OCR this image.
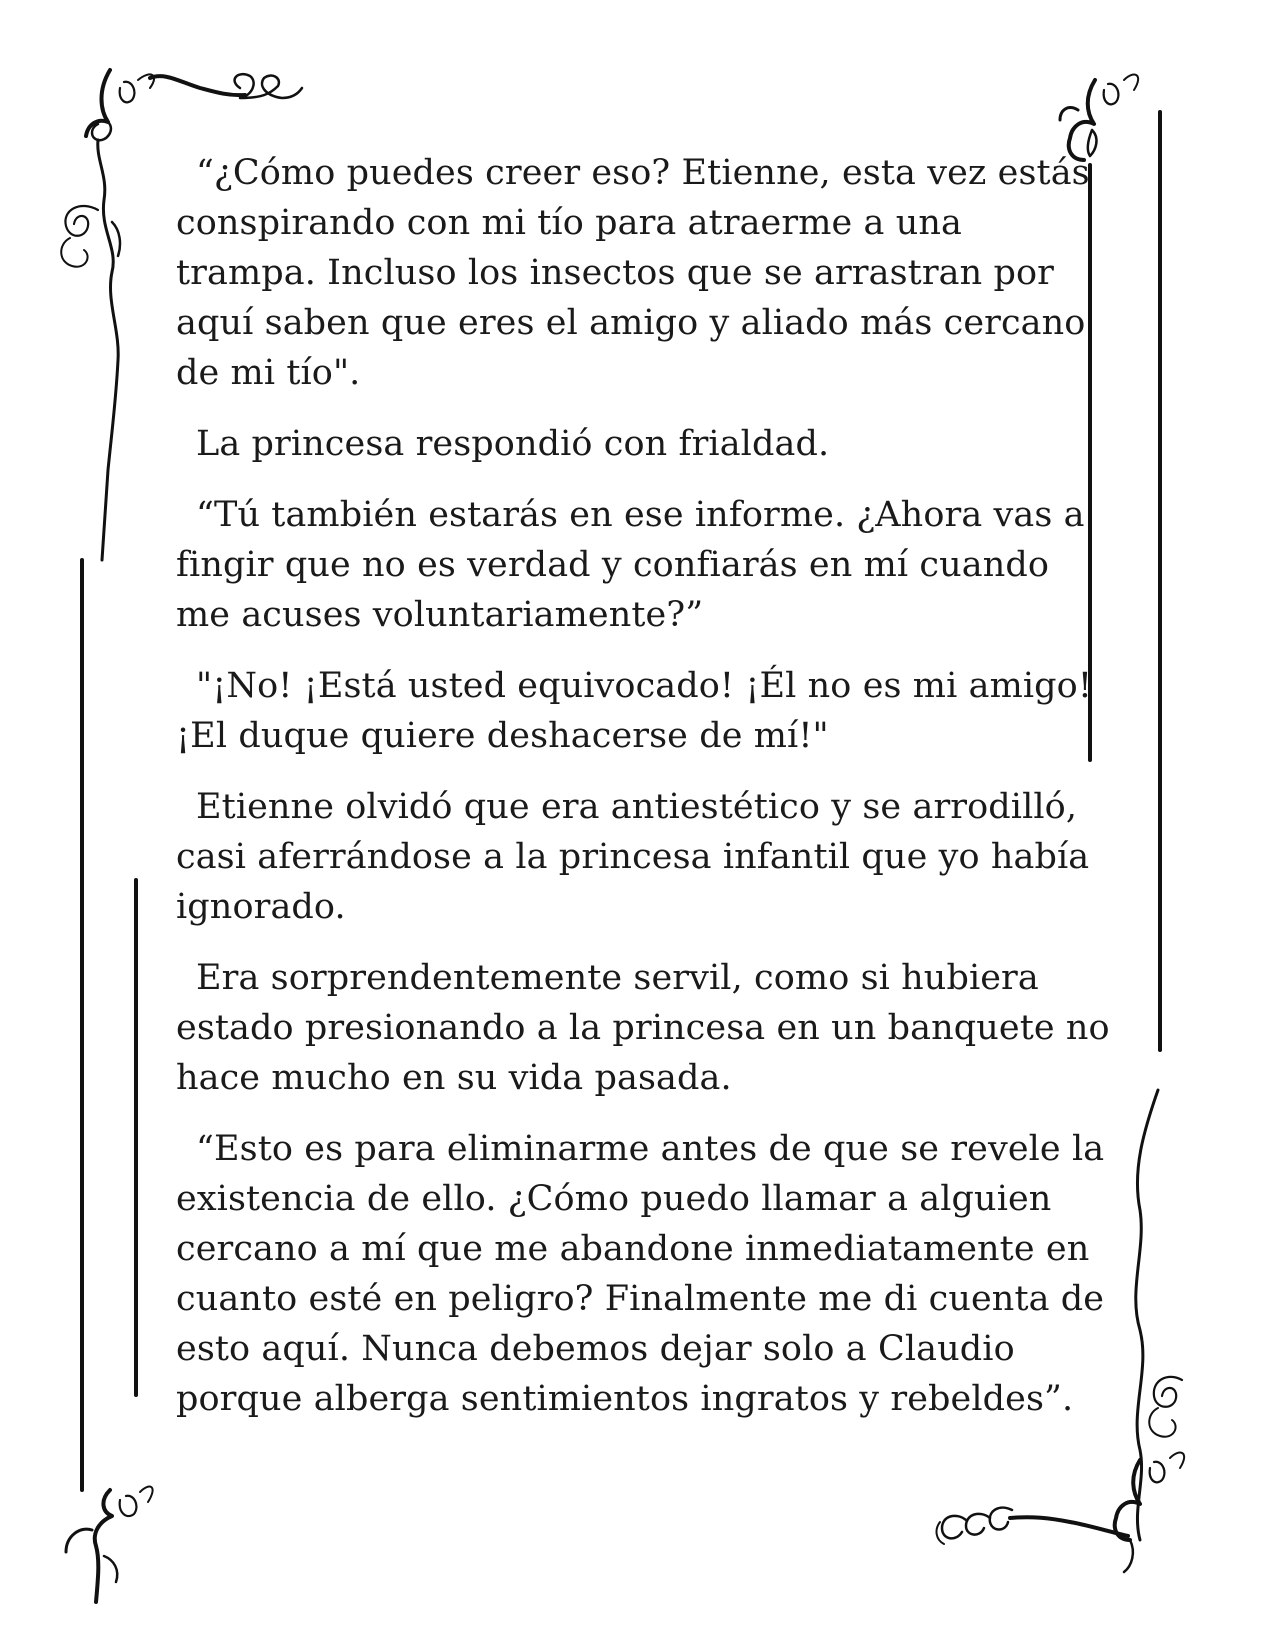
“¿Cómo puedes creer eso? Etienne, esta vez estás conspirando con mi tío para atraerme a una trampa. Incluso los insectos que se arrastran por aquí saben que eres el amigo y aliado más cercano de mi tío".

La princesa respondió con frialdad.

“Tú también estarás en ese informe. ¿Ahora vas a fingir que no es verdad y confiarás en mí cuando me acuses voluntariamente?”

"¡No! ¡Está usted equivocado! ¡Él no es mi amigo! ¡El duque quiere deshacerse de mí!"

Etienne olvidó que era antiestético y se arrodilló, casi aferrándose a la princesa infantil que yo había ignorado.

Era sorprendentemente servil, como si hubiera estado presionando a la princesa en un banquete no hace mucho en su vida pasada.

“Esto es para eliminarme antes de que se revele la existencia de ello. ¿Cómo puedo llamar a alguien cercano a mí que me abandone inmediatamente en cuanto esté en peligro? Finalmente me di cuenta de esto aquí. Nunca debemos dejar solo a Claudio porque alberga sentimientos ingratos y rebeldes”.
